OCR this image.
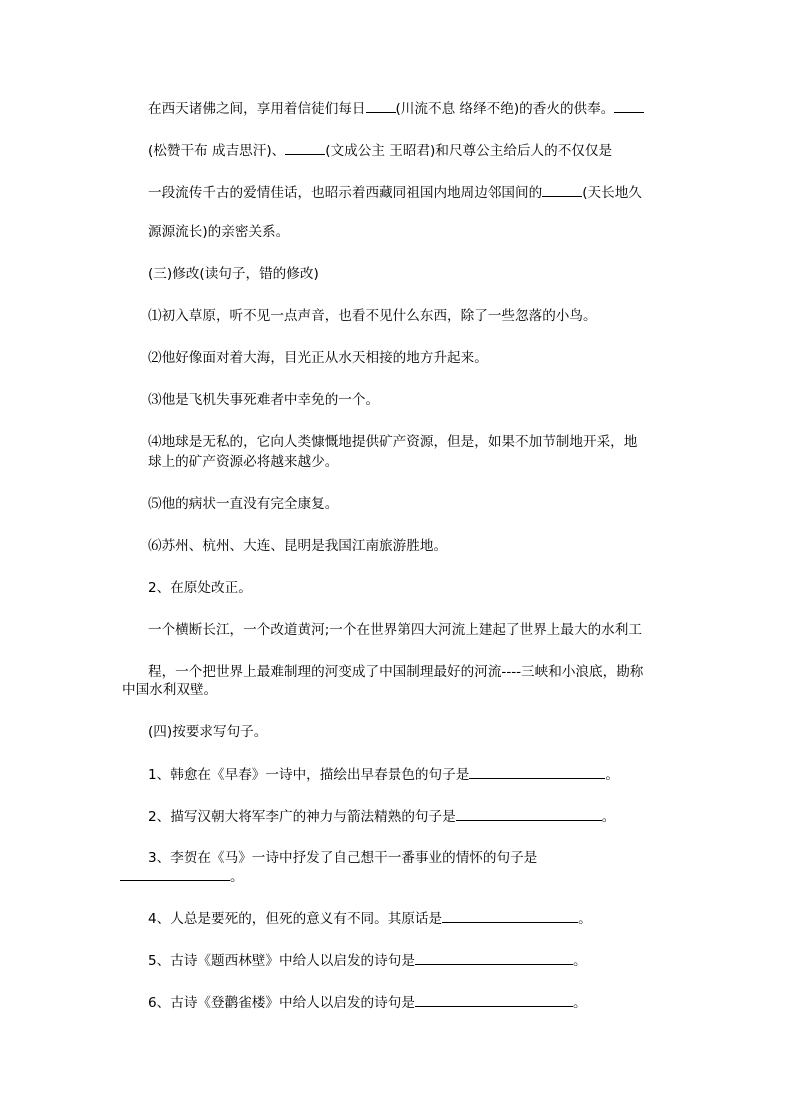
在西天诸佛之间，享用着信徒们每日 (川流不息 络绎不绝)的香火的供奉。
(松赞干布 成吉思汗)、	(文成公主 王昭君)和尺尊公主给后人的不仅仅是
一段流传千古的爱情佳话，也昭示着西藏同祖国内地周边邻国间的	(天长地久
源源流长)的亲密关系。
(三)修改(读句子，错的修改)
⑴初入草原，听不见一点声音，也看不见什么东西，除了一些忽落的小鸟。
⑵他好像面对着大海，目光正从水天相接的地方升起来。
⑶他是飞机失事死难者中幸免的一个。
⑷地球是无私的，它向人类慷慨地提供矿产资源，但是，如果不加节制地开采，地
球上的矿产资源必将越来越少。
⑸他的病状一直没有完全康复。
⑹苏州、杭州、大连、昆明是我国江南旅游胜地。
2、在原处改正。
一个横断长江，一个改道黄河;一个在世界第四大河流上建起了世界上最大的水利工
程，一个把世界上最难制理的河变成了中国制理最好的河流----三峡和小浪底，勘称
中国水利双壁。
(四)按要求写句子。
1、韩愈在《早春》一诗中，描绘出早春景色的句子是	。
2、描写汉朝大将军李广的神力与箭法精熟的句子是	。
3、李贺在《马》一诗中抒发了自己想干一番事业的情怀的句子是
。
4、人总是要死的，但死的意义有不同。其原话是	。
5、古诗《题西林壁》中给人以启发的诗句是	。
6、古诗《登鹳雀楼》中给人以启发的诗句是	。
